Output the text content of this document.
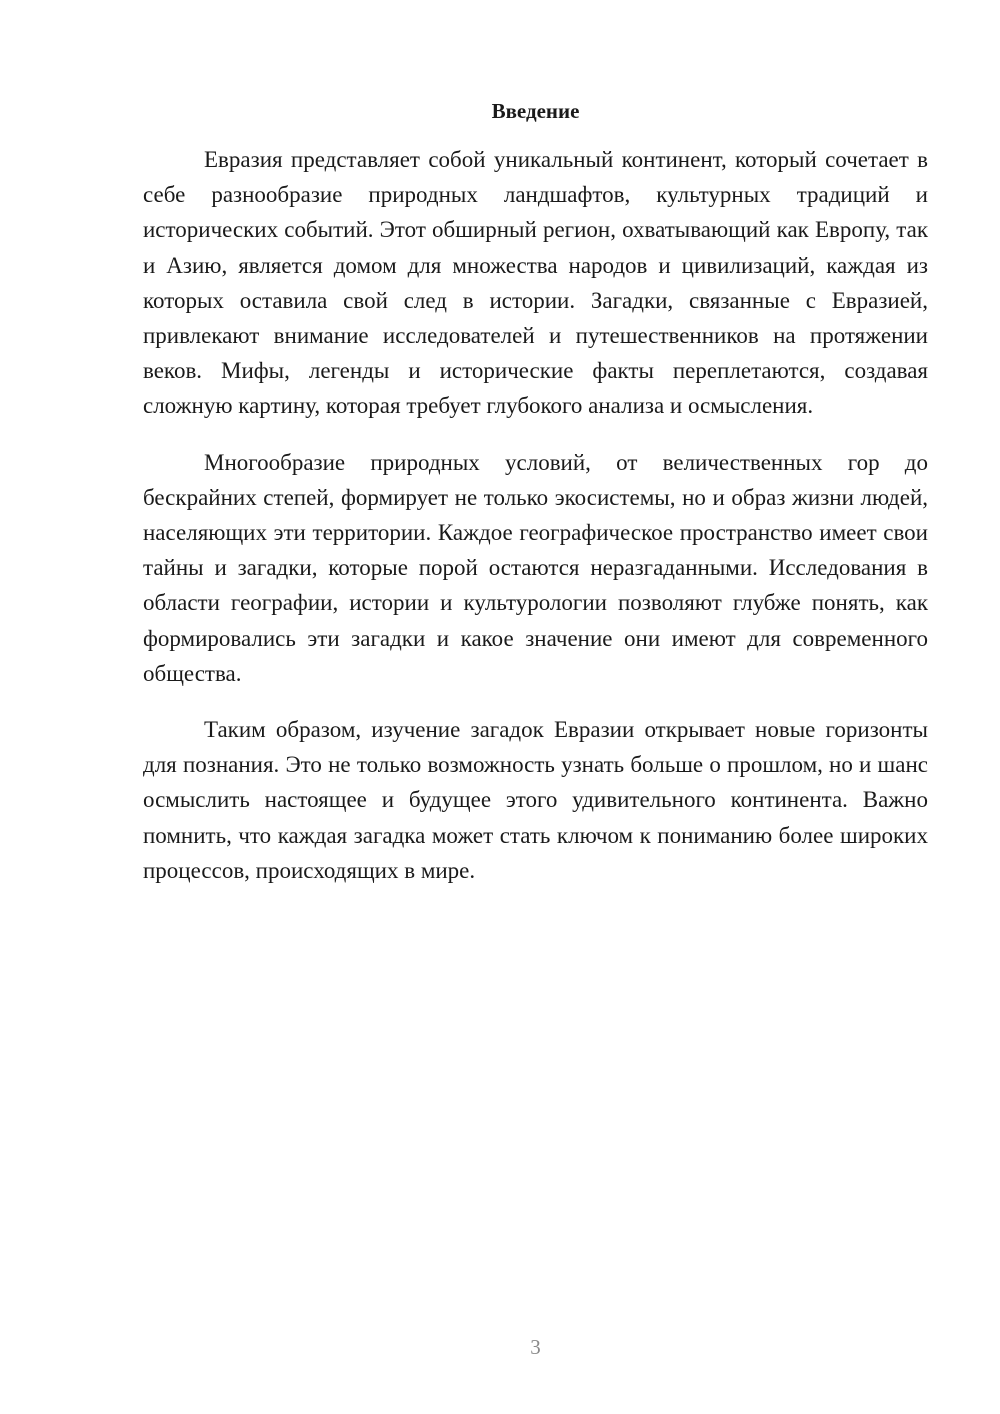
Введение

Евразия представляет собой уникальный континент, который сочетает в себе разнообразие природных ландшафтов, культурных традиций и исторических событий. Этот обширный регион, охватывающий как Европу, так и Азию, является домом для множества народов и цивилизаций, каждая из которых оставила свой след в истории. Загадки, связанные с Евразией, привлекают внимание исследователей и путешественников на протяжении веков. Мифы, легенды и исторические факты переплетаются, создавая сложную картину, которая требует глубокого анализа и осмысления.

Многообразие природных условий, от величественных гор до бескрайних степей, формирует не только экосистемы, но и образ жизни людей, населяющих эти территории. Каждое географическое пространство имеет свои тайны и загадки, которые порой остаются неразгаданными. Исследования в области географии, истории и культурологии позволяют глубже понять, как формировались эти загадки и какое значение они имеют для современного общества.

Таким образом, изучение загадок Евразии открывает новые горизонты для познания. Это не только возможность узнать больше о прошлом, но и шанс осмыслить настоящее и будущее этого удивительного континента. Важно помнить, что каждая загадка может стать ключом к пониманию более широких процессов, происходящих в мире.

3
